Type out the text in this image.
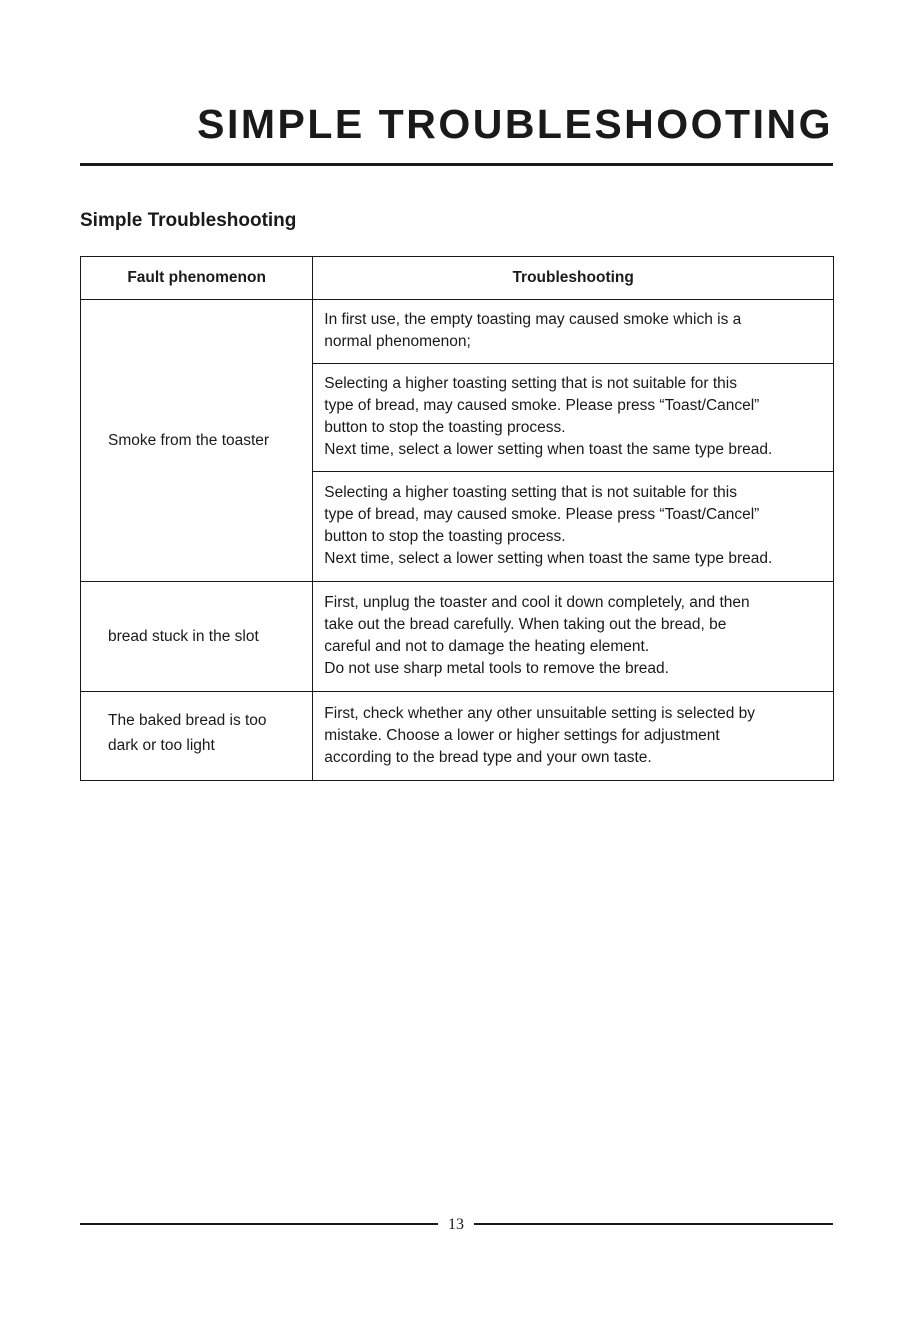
SIMPLE TROUBLESHOOTING
Simple Troubleshooting
Fault phenomenon	Troubleshooting

Smoke from the toaster	In first use, the empty toasting may caused smoke which is a
normal phenomenon;

	Selecting a higher toasting setting that is not suitable for this
type of bread, may caused smoke. Please press “Toast/Cancel”
button to stop the toasting process.
Next time, select a lower setting when toast the same type bread.

	Selecting a higher toasting setting that is not suitable for this
type of bread, may caused smoke. Please press “Toast/Cancel”
button to stop the toasting process.
Next time, select a lower setting when toast the same type bread.

bread stuck in the slot	First, unplug the toaster and cool it down completely, and then
take out the bread carefully. When taking out the bread, be
careful and not to damage the heating element.
Do not use sharp metal tools to remove the bread.

The baked bread is too
dark or too light	First, check whether any other unsuitable setting is selected by
mistake. Choose a lower or higher settings for adjustment
according to the bread type and your own taste.
13
